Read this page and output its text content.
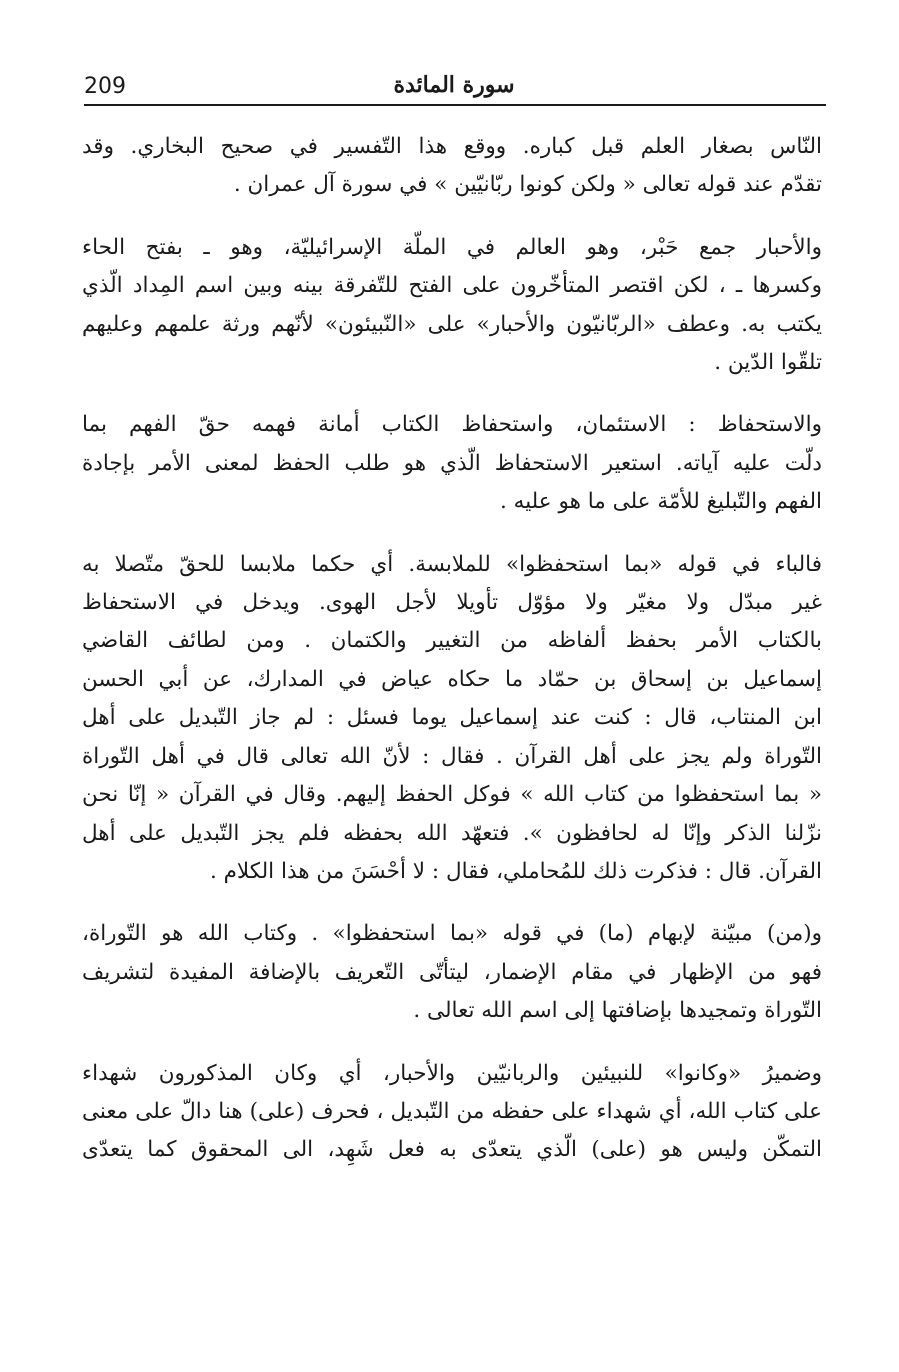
209	سورة المائدة

النّاس بصغار العلم قبل كباره. ووقع هذا التّفسير في صحيح البخاري. وقد
تقدّم عند قوله تعالى « ولكن كونوا ربّانيّين » في سورة آل عمران .

والأحبار جمع حَبْر، وهو العالم في الملّة الإسرائيليّة، وهو ـ بفتح الحاء
وكسرها ـ ، لكن اقتصر المتأخّرون على الفتح للتّفرقة بينه وبين اسم المِداد الّذي
يكتب به. وعطف «الربّانيّون والأحبار» على «النّبيئون» لأنّهم ورثة علمهم وعليهم
تلقّوا الدّين .

والاستحفاظ : الاستئمان، واستحفاظ الكتاب أمانة فهمه حقّ الفهم بما
دلّت عليه آياته. استعير الاستحفاظ الّذي هو طلب الحفظ لمعنى الأمر بإجادة
الفهم والتّبليغ للأمّة على ما هو عليه .

فالباء في قوله «بما استحفظوا» للملابسة. أي حكما ملابسا للحقّ متّصلا به
غير مبدّل ولا مغيّر ولا مؤوّل تأويلا لأجل الهوى. ويدخل في الاستحفاظ
بالكتاب الأمر بحفظ ألفاظه من التغيير والكتمان . ومن لطائف القاضي
إسماعيل بن إسحاق بن حمّاد ما حكاه عياض في المدارك، عن أبي الحسن
ابن المنتاب، قال : كنت عند إسماعيل يوما فسئل : لم جاز التّبديل على أهل
التّوراة ولم يجز على أهل القرآن . فقال : لأنّ الله تعالى قال في أهل التّوراة
« بما استحفظوا من كتاب الله » فوكل الحفظ إليهم. وقال في القرآن « إنّا نحن
نزّلنا الذكر وإنّا له لحافظون ». فتعهّد الله بحفظه فلم يجز التّبديل على أهل
القرآن. قال : فذكرت ذلك للمُحاملي، فقال : لا أحْسَنَ من هذا الكلام .

و(من) مبيّنة لإبهام (ما) في قوله «بما استحفظوا» . وكتاب الله هو التّوراة،
فهو من الإظهار في مقام الإضمار، ليتأتّى التّعريف بالإضافة المفيدة لتشريف
التّوراة وتمجيدها بإضافتها إلى اسم الله تعالى .

وضميرُ «وكانوا» للنبيئين والربانيّين والأحبار، أي وكان المذكورون شهداء
على كتاب الله، أي شهداء على حفظه من التّبديل ، فحرف (على) هنا دالّ على معنى
التمكّن وليس هو (على) الّذي يتعدّى به فعل شَهِد، الى المحقوق كما يتعدّى
